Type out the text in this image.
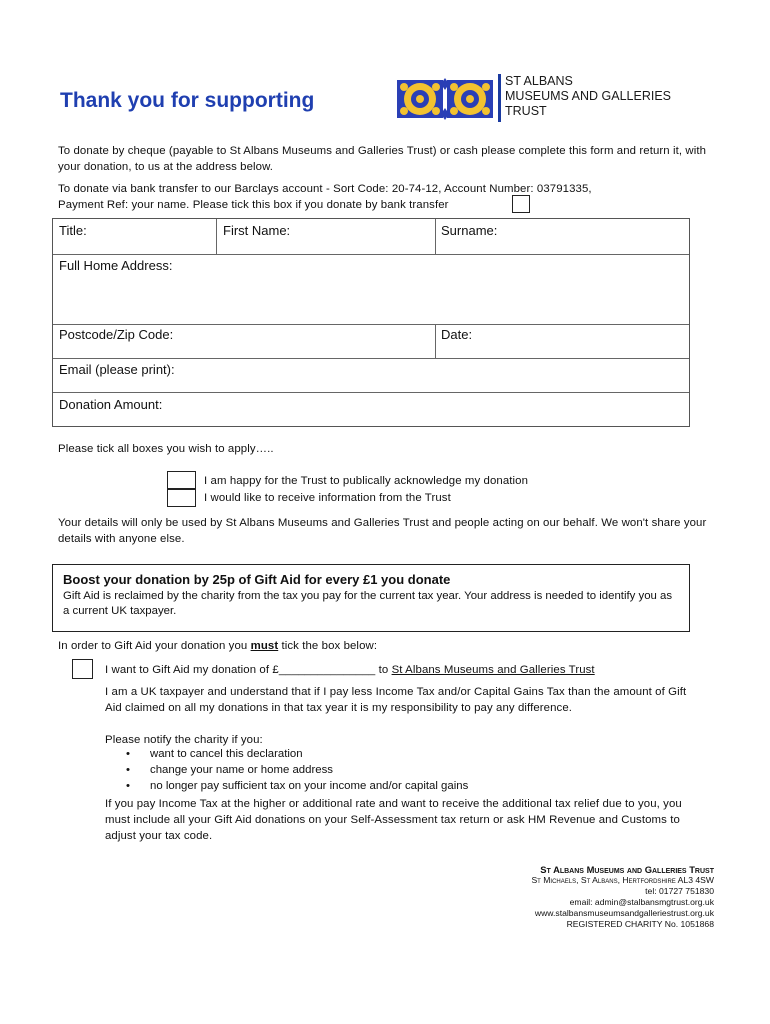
Thank you for supporting
ST ALBANS
MUSEUMS AND GALLERIES
TRUST

To donate by cheque (payable to St Albans Museums and Galleries Trust) or cash please complete this form and return it, with your donation, to us at the address below.

To donate via bank transfer to our Barclays account - Sort Code: 20-74-12, Account Number: 03791335,

Payment Ref: your name. Please tick this box if you donate by bank transfer

Title:	First Name:	Surname:
Full Home Address:
Postcode/Zip Code:	Date:
Email (please print):
Donation Amount:

Please tick all boxes you wish to apply…..

I am happy for the Trust to publically acknowledge my donation

I would like to receive information from the Trust

Your details will only be used by St Albans Museums and Galleries Trust and people acting on our behalf. We won't share your details with anyone else.

Boost your donation by 25p of Gift Aid for every £1 you donate
Gift Aid is reclaimed by the charity from the tax you pay for the current tax year. Your address is needed to identify you as a current UK taxpayer.

In order to Gift Aid your donation you must tick the box below:

I want to Gift Aid my donation of £_______________ to St Albans Museums and Galleries Trust

I am a UK taxpayer and understand that if I pay less Income Tax and/or Capital Gains Tax than the amount of Gift Aid claimed on all my donations in that tax year it is my responsibility to pay any difference.

Please notify the charity if you:

• want to cancel this declaration
• change your name or home address
• no longer pay sufficient tax on your income and/or capital gains

If you pay Income Tax at the higher or additional rate and want to receive the additional tax relief due to you, you must include all your Gift Aid donations on your Self-Assessment tax return or ask HM Revenue and Customs to adjust your tax code.

St Albans Museums and Galleries Trust
St Michaels, St Albans, Hertfordshire AL3 4SW
tel: 01727 751830
email: admin@stalbansmgtrust.org.uk
www.stalbansmuseumsandgalleriestrust.org.uk
REGISTERED CHARITY No. 1051868
